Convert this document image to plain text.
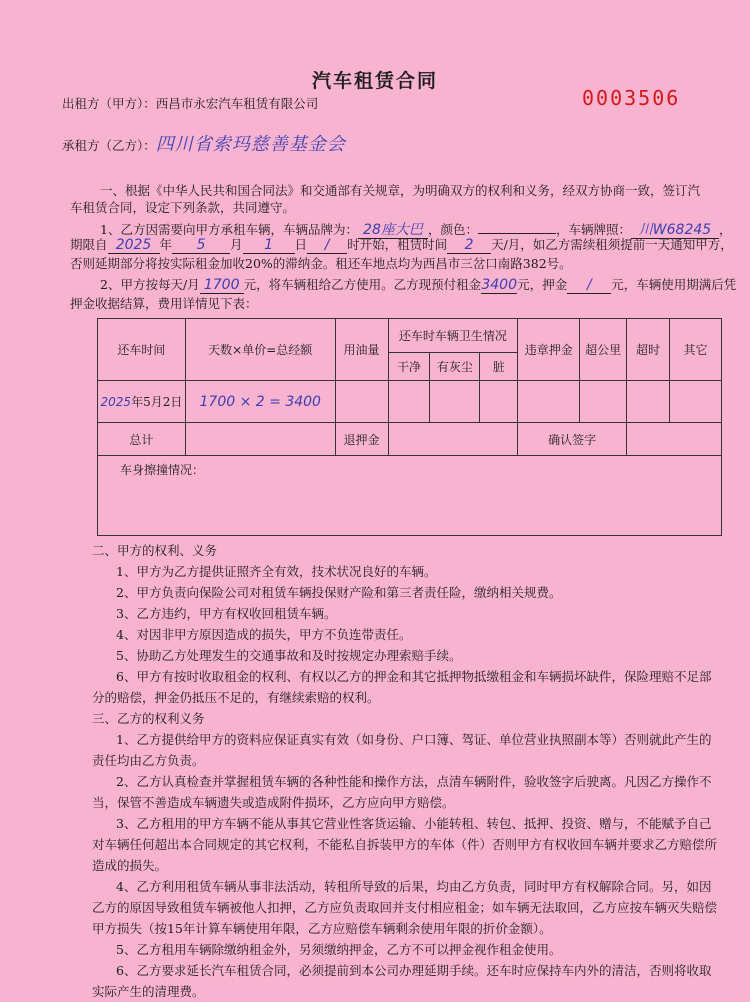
汽车租赁合同
0003506
出租方（甲方）：西昌市永宏汽车租赁有限公司
承租方（乙方）：四川省索玛慈善基金会
一、根据《中华人民共和国合同法》和交通部有关规章，为明确双方的权利和义务，经双方协商一致，签订汽
车租赁合同，设定下列条款，共同遵守。
1、乙方因需要向甲方承租车辆，车辆品牌为： 28座大巴 ，颜色：	，车辆牌照： 川W68245 ，
期限自 2025 年 5 月 1 日 / 时开始，租赁时间 2 天/月，如乙方需续租须提前一天通知甲方，
否则延期部分将按实际租金加收20%的滞纳金。租还车地点均为西昌市三岔口南路382号。
2、甲方按每天/月 1700 元，将车辆租给乙方使用。乙方现预付租金3400元，押金 / 元，车辆使用期满后凭
押金收据结算，费用详情见下表：
还车时间	天数×单价=总经额	用油量	还车时车辆卫生情况			违章押金	超公里	超时	其它
			干净	有灰尘	脏				
2025年5月2日	1700 × 2 = 3400								
总计		退押金				确认签字			
车身擦撞情况：									

二、甲方的权利、义务

1、甲方为乙方提供证照齐全有效，技术状况良好的车辆。

2、甲方负责向保险公司对租赁车辆投保财产险和第三者责任险，缴纳相关规费。

3、乙方违约，甲方有权收回租赁车辆。

4、对因非甲方原因造成的损失，甲方不负连带责任。

5、协助乙方处理发生的交通事故和及时按规定办理索赔手续。

6、甲方有按时收取租金的权利、有权以乙方的押金和其它抵押物抵缴租金和车辆损坏缺件，保险理赔不足部分的赔偿，押金仍抵压不足的，有继续索赔的权利。

三、乙方的权利义务

1、乙方提供给甲方的资料应保证真实有效（如身份、户口簿、驾证、单位营业执照副本等）否则就此产生的责任均由乙方负责。

2、乙方认真检查并掌握租赁车辆的各种性能和操作方法，点清车辆附件，验收签字后驶离。凡因乙方操作不当，保管不善造成车辆遗失或造成附件损坏，乙方应向甲方赔偿。

3、乙方租用的甲方车辆不能从事其它营业性客货运输、小能转租、转包、抵押、投资、赠与，不能赋予自己对车辆任何超出本合同规定的其它权利，不能私自拆装甲方的车体（件）否则甲方有权收回车辆并要求乙方赔偿所造成的损失。

4、乙方利用租赁车辆从事非法活动，转租所导致的后果，均由乙方负责，同时甲方有权解除合同。另，如因乙方的原因导致租赁车辆被他人扣押，乙方应负责取回并支付相应租金；如车辆无法取回，乙方应按车辆灭失赔偿甲方损失（按15年计算车辆使用年限，乙方应赔偿车辆剩余使用年限的折价金额）。

5、乙方租用车辆除缴纳租金外，另须缴纳押金，乙方不可以押金视作租金使用。

6、乙方要求延长汽车租赁合同，必须提前到本公司办理延期手续。还车时应保持车内外的清洁，否则将收取实际产生的清理费。
